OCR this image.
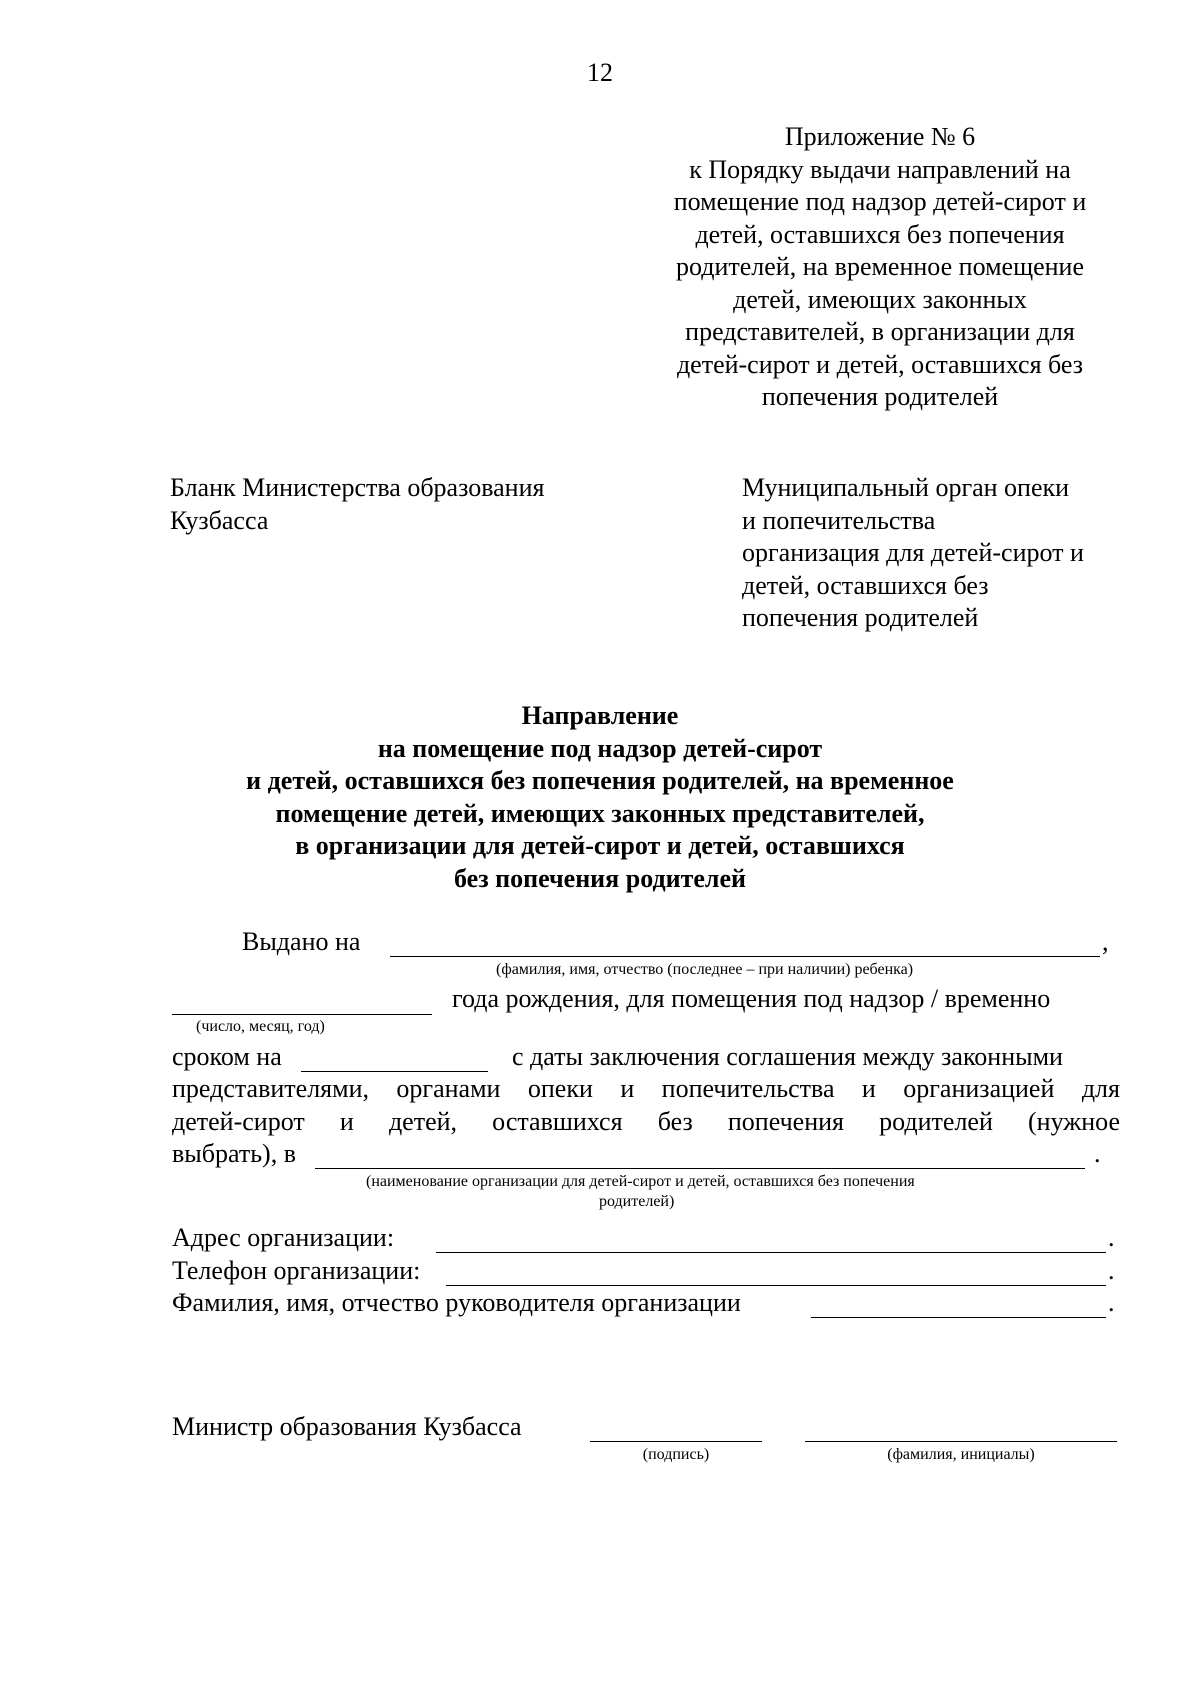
12
Приложение № 6
к Порядку выдачи направлений на
помещение под надзор детей-сирот и
детей, оставшихся без попечения
родителей, на временное помещение
детей, имеющих законных
представителей, в организации для
детей-сирот и детей, оставшихся без
попечения родителей
Бланк Министерства образования
Кузбасса
Муниципальный орган опеки
и попечительства
организация для детей-сирот и
детей, оставшихся без
попечения родителей
Направление
на помещение под надзор детей-сирот
и детей, оставшихся без попечения родителей, на временное
помещение детей, имеющих законных представителей,
в организации для детей-сирот и детей, оставшихся
без попечения родителей
Выдано на	,
(фамилия, имя, отчество (последнее – при наличии) ребенка)
года рождения, для помещения под надзор / временно
(число, месяц, год)
сроком на	с даты заключения соглашения между законными
представителями, органами опеки и попечительства и организацией для
детей-сирот и детей, оставшихся без попечения родителей (нужное
выбрать), в	.
(наименование организации для детей-сирот и детей, оставшихся без попечения
родителей)
Адрес организации:	.
Телефон организации:	.
Фамилия, имя, отчество руководителя организации	.
Министр образования Кузбасса
(подпись)	(фамилия, инициалы)
